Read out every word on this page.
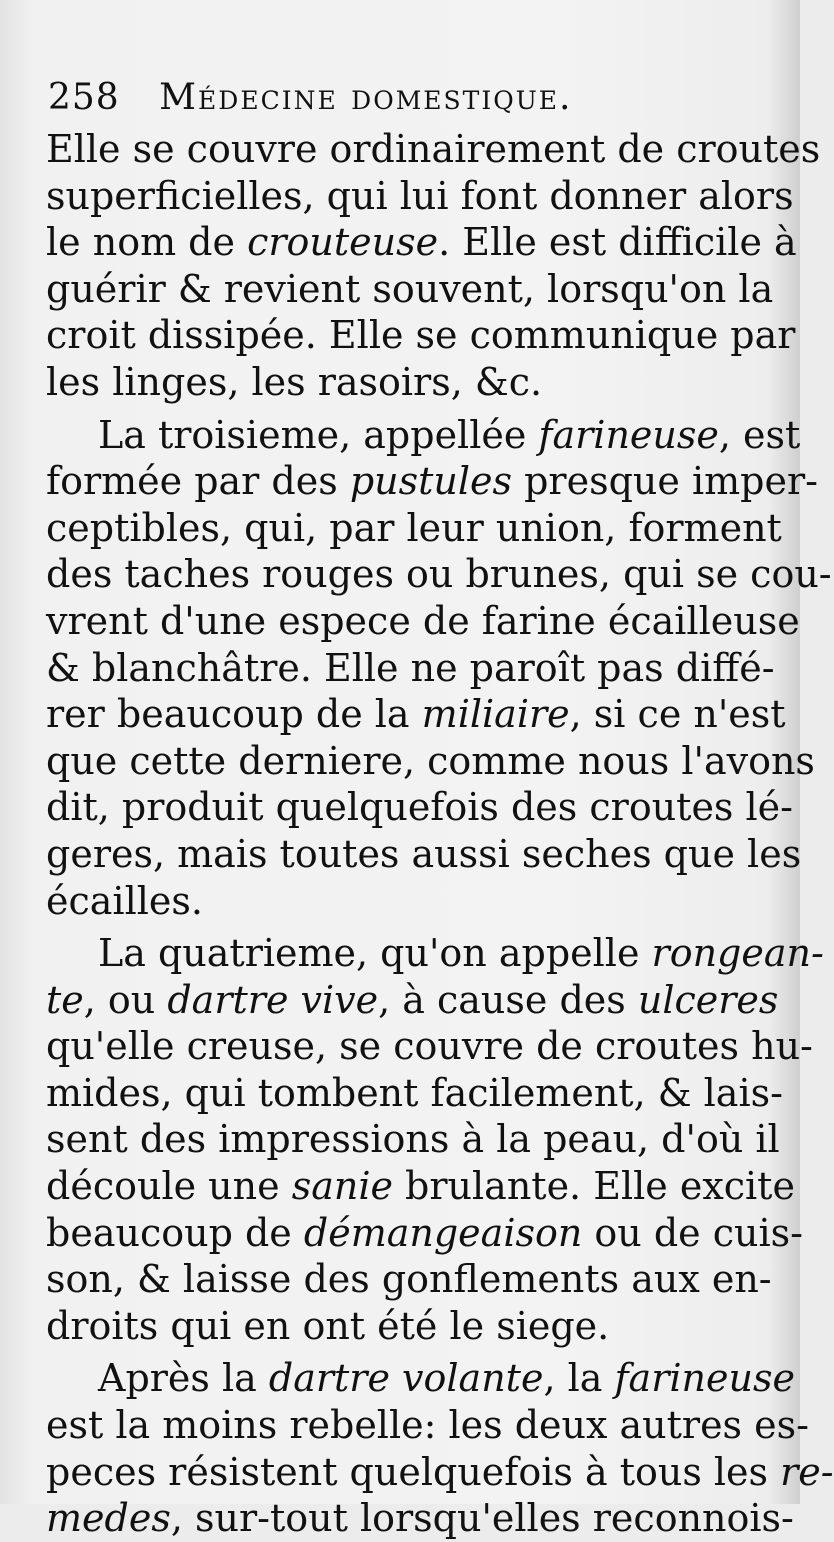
258 Médecine domestique.
Elle se couvre ordinairement de croutes
superficielles, qui lui font donner alors
le nom de crouteuse. Elle est difficile à
guérir & revient souvent, lorsqu'on la
croit dissipée. Elle se communique par
les linges, les rasoirs, &c.
La troisieme, appellée farineuse, est
formée par des pustules presque imper-
ceptibles, qui, par leur union, forment
des taches rouges ou brunes, qui se cou-
vrent d'une espece de farine écailleuse
& blanchâtre. Elle ne paroît pas diffé-
rer beaucoup de la miliaire, si ce n'est
que cette derniere, comme nous l'avons
dit, produit quelquefois des croutes lé-
geres, mais toutes aussi seches que les
écailles.
La quatrieme, qu'on appelle rongean-
te, ou dartre vive, à cause des ulceres
qu'elle creuse, se couvre de croutes hu-
mides, qui tombent facilement, & lais-
sent des impressions à la peau, d'où il
découle une sanie brulante. Elle excite
beaucoup de démangeaison ou de cuis-
son, & laisse des gonflements aux en-
droits qui en ont été le siege.
Après la dartre volante, la farineuse
est la moins rebelle: les deux autres es-
peces résistent quelquefois à tous les re-
medes, sur-tout lorsqu'elles reconnois-
